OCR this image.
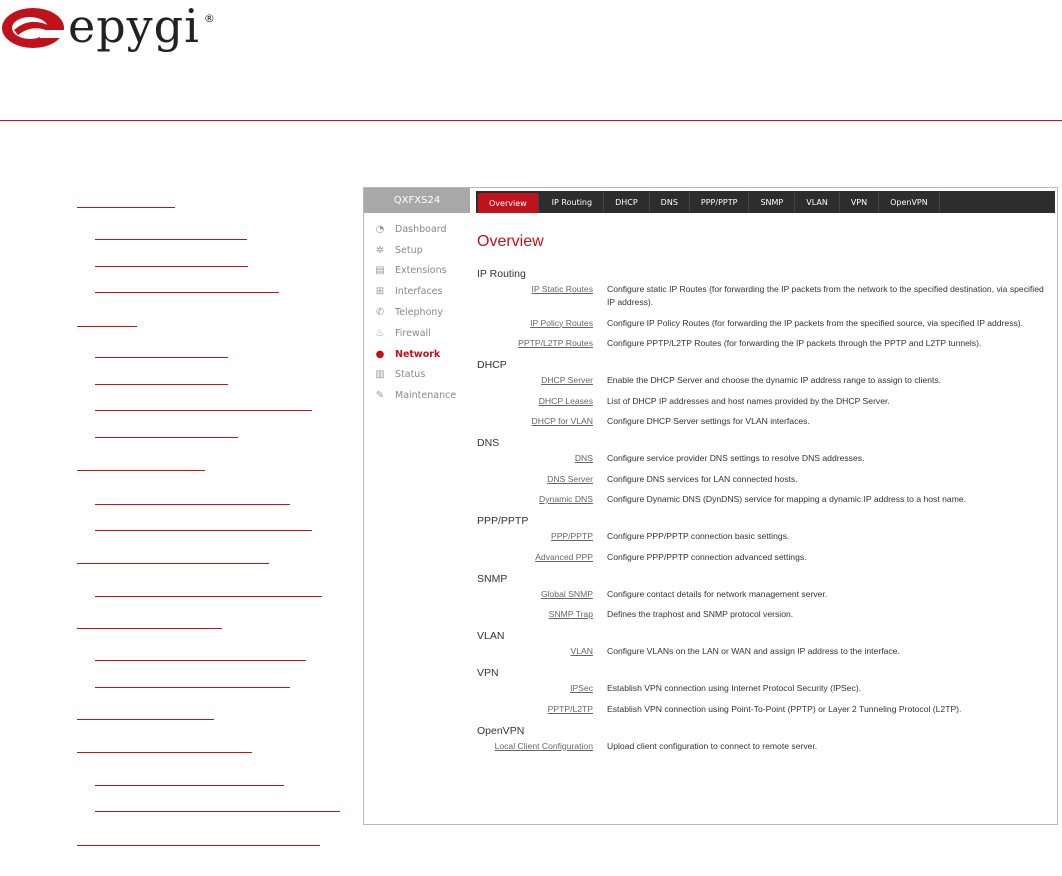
epygi ®
QXFXS24
◔ Dashboard
✲ Setup
▤ Extensions
⊞ Interfaces
✆ Telephony
♨ Firewall
● Network
▥ Status
✎ Maintenance
Overview	IP Routing	DHCP	DNS	PPP/PPTP	SNMP	VLAN	VPN	OpenVPN
Overview
IP Routing
IP Static Routes Configure static IP Routes (for forwarding the IP packets from the network to the specified destination, via specified IP address).
IP Policy Routes Configure IP Policy Routes (for forwarding the IP packets from the specified source, via specified IP address).
PPTP/L2TP Routes Configure PPTP/L2TP Routes (for forwarding the IP packets through the PPTP and L2TP tunnels).
DHCP
DHCP Server Enable the DHCP Server and choose the dynamic IP address range to assign to clients.
DHCP Leases List of DHCP IP addresses and host names provided by the DHCP Server.
DHCP for VLAN Configure DHCP Server settings for VLAN interfaces.
DNS
DNS Configure service provider DNS settings to resolve DNS addresses.
DNS Server Configure DNS services for LAN connected hosts.
Dynamic DNS Configure Dynamic DNS (DynDNS) service for mapping a dynamic IP address to a host name.
PPP/PPTP
PPP/PPTP Configure PPP/PPTP connection basic settings.
Advanced PPP Configure PPP/PPTP connection advanced settings.
SNMP
Global SNMP Configure contact details for network management server.
SNMP Trap Defines the traphost and SNMP protocol version.
VLAN
VLAN Configure VLANs on the LAN or WAN and assign IP address to the interface.
VPN
IPSec Establish VPN connection using Internet Protocol Security (IPSec).
PPTP/L2TP Establish VPN connection using Point-To-Point (PPTP) or Layer 2 Tunneling Protocol (L2TP).
OpenVPN
Local Client Configuration Upload client configuration to connect to remote server.
